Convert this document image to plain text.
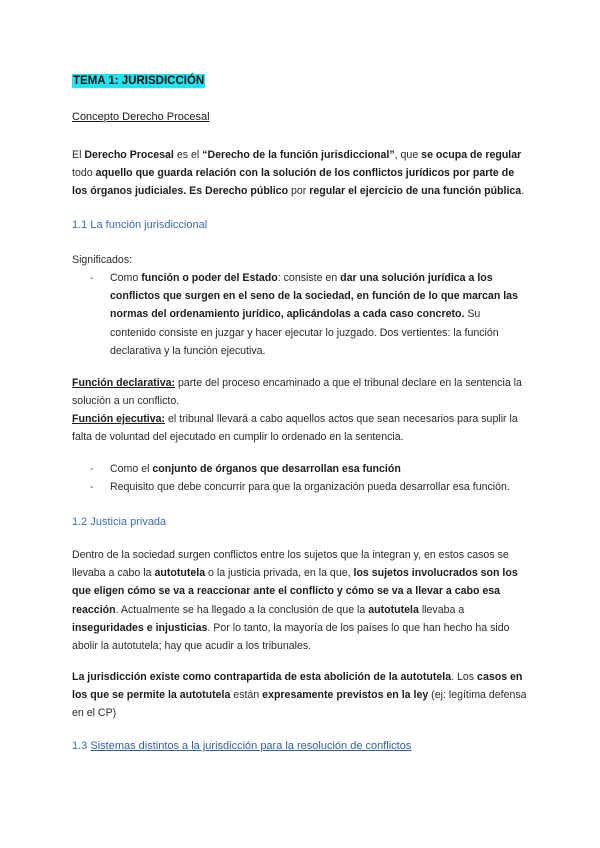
TEMA 1: JURISDICCIÓN
Concepto Derecho Procesal

El Derecho Procesal es el “Derecho de la función jurisdiccional”, que se ocupa de regular todo aquello que guarda relación con la solución de los conflictos jurídicos por parte de los órganos judiciales. Es Derecho público por regular el ejercicio de una función pública.

1.1 La función jurisdiccional

Significados:

- Como función o poder del Estado: consiste en dar una solución jurídica a los conflictos que surgen en el seno de la sociedad, en función de lo que marcan las normas del ordenamiento jurídico, aplicándolas a cada caso concreto. Su contenido consiste en juzgar y hacer ejecutar lo juzgado. Dos vertientes: la función declarativa y la función ejecutiva.

Función declarativa: parte del proceso encaminado a que el tribunal declare en la sentencia la solución a un conflicto.

Función ejecutiva: el tribunal llevará a cabo aquellos actos que sean necesarios para suplir la falta de voluntad del ejecutado en cumplir lo ordenado en la sentencia.

- Como el conjunto de órganos que desarrollan esa función
- Requisito que debe concurrir para que la organización pueda desarrollar esa función.
1.2 Justicia privada

Dentro de la sociedad surgen conflictos entre los sujetos que la integran y, en estos casos se llevaba a cabo la autotutela o la justicia privada, en la que, los sujetos involucrados son los que eligen cómo se va a reaccionar ante el conflicto y cómo se va a llevar a cabo esa reacción. Actualmente se ha llegado a la conclusión de que la autotutela llevaba a inseguridades e injusticias. Por lo tanto, la mayoría de los países lo que han hecho ha sido abolir la autotutela; hay que acudir a los tribunales.

La jurisdicción existe como contrapartida de esta abolición de la autotutela. Los casos en los que se permite la autotutela están expresamente previstos en la ley (ej: legítima defensa en el CP)

1.3 Sistemas distintos a la jurisdicción para la resolución de conflictos
